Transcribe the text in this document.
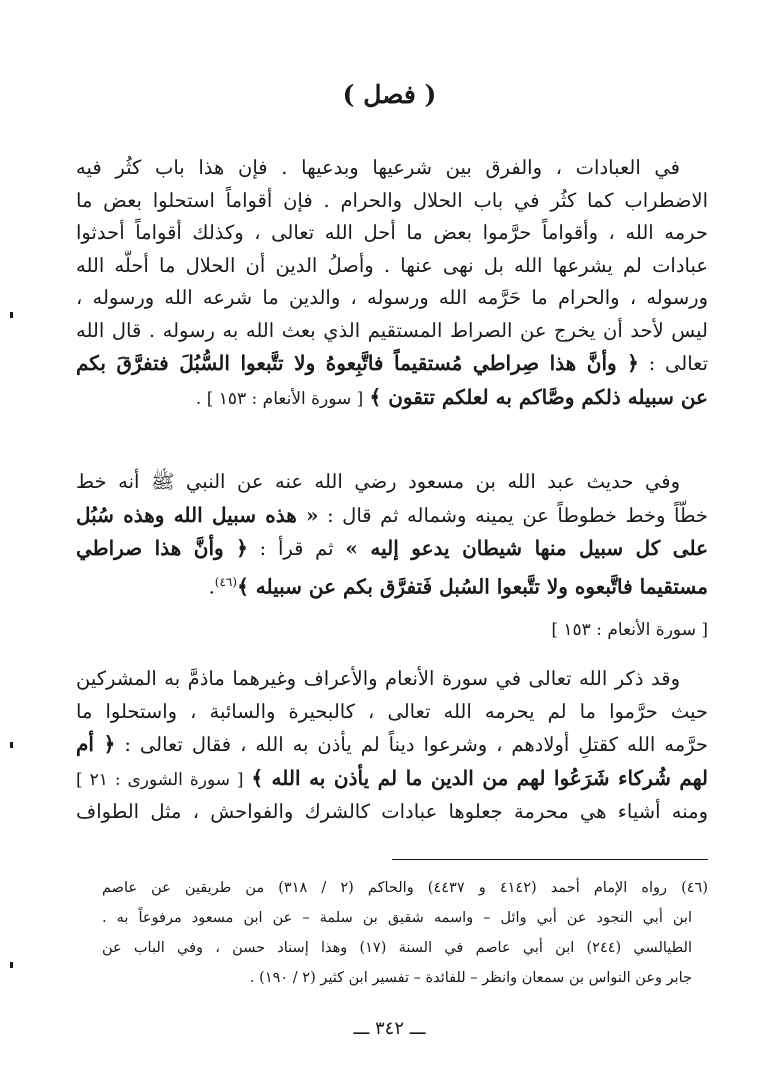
( فصل )
في العبادات ، والفرق بين شرعيها وبدعيها . فإن هذا باب كثُر فيه
الاضطراب كما كثُر في باب الحلال والحرام . فإن أقواماً استحلوا بعض ما
حرمه الله ، وأقواماً حرَّموا بعض ما أحل الله تعالى ، وكذلك أقواماً أحدثوا
عبادات لم يشرعها الله بل نهى عنها . وأصلُ الدين أن الحلال ما أحلَّه الله
ورسوله ، والحرام ما حَرَّمه الله ورسوله ، والدين ما شرعه الله ورسوله ،
ليس لأحد أن يخرج عن الصراط المستقيم الذي بعث الله به رسوله . قال الله
تعالى : ﴿ وأنَّ هذا صِراطي مُستقيماً فاتَّبِعوهُ ولا تتَّبعوا السُّبُلَ فتفرَّقَ بكم
عن سبيله ذلكم وصَّاكم به لعلكم تتقون ﴾ [ سورة الأنعام : ١٥٣ ] .
وفي حديث عبد الله بن مسعود رضي الله عنه عن النبي ﷺ أنه خط
خطّاً وخط خطوطاً عن يمينه وشماله ثم قال : « هذه سبيل الله وهذه سُبُل
على كل سبيل منها شيطان يدعو إليه » ثم قرأ : ﴿ وأنَّ هذا صراطي
مستقيما فاتَّبعوه ولا تتَّبعوا السُبل فَتفرَّق بكم عن سبيله ﴾$^{(٤٦)}$.
[ سورة الأنعام : ١٥٣ ]
وقد ذكر الله تعالى في سورة الأنعام والأعراف وغيرهما ماذمَّ به المشركين
حيث حرَّموا ما لم يحرمه الله تعالى ، كالبحيرة والسائبة ، واستحلوا ما
حرَّمه الله كقتلِ أولادهم ، وشرعوا ديناً لم يأذن به الله ، فقال تعالى : ﴿ أم
لهم شُركاء شَرَعُوا لهم من الدين ما لم يأذن به الله ﴾ [ سورة الشورى : ٢١ ]
ومنه أشياء هي محرمة جعلوها عبادات كالشرك والفواحش ، مثل الطواف
(٤٦) رواه الإمام أحمد (٤١٤٢ و ٤٤٣٧) والحاكم (٢ / ٣١٨) من طريقين عن عاصم
ابن أبي النجود عن أبي وائل – واسمه شقيق بن سلمة – عن ابن مسعود مرفوعاً به .
الطيالسي (٢٤٤) ابن أبي عاصم في السنة (١٧) وهذا إسناد حسن ، وفي الباب عن
جابر وعن النواس بن سمعان وانظر – للفائدة – تفسير ابن كثير (٢ / ١٩٠) .
ـــ ٣٤٢ ـــ
